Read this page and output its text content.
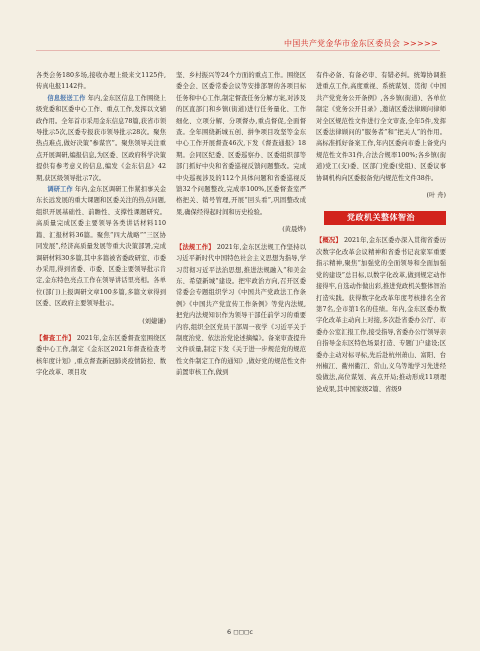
中国共产党金华市金东区委员会 >>>>>

各类会务180多场,接收办理上级来文1125件,传真电报1142件。

信息报送工作 年内,金东区信息工作围绕上级党委和区委中心工作、重点工作,发挥以文辅政作用。全年首市采用金东信息78篇,获省市领导批示5次,区委专报获市领导批示28次。聚焦热点难点,做好决策“参谋官”。聚焦领导关注重点开展调研,编报信息,为区委、区政府科学决策提供有参考意义的信息,编发《金东信息》42期,获区级领导批示7次。

调研工作 年内,金东区调研工作紧扣事关金东长远发展的重大课题和区委关注的热点问题,组织开展基础性、前瞻性、支撑性课题研究。高质量完成区委主要领导各类讲话材料110篇、汇报材料36篇。聚焦“四大战略”“三区协同发展”,经济高质量发展等重大决策部署,完成调研材料30多篇,其中多篇被省委政研室、市委办采用,得到省委、市委、区委主要领导批示肯定,金东特色亮点工作在领导讲话里亮相。各单位(部门)上报调研文章100多篇,多篇文章得到区委、区政府主要领导批示。

(刘婕谦)

【督查工作】 2021年,金东区委督查室围绕区委中心工作,制定《金东区2021年督查检查考核年度计划》,重点督查新冠肺炎疫情防控、数字化改革、项目攻

坚、乡村振兴等24个方面的重点工作。围绕区委全会、区委常委会议等安排部署的各项目标任务和中心工作,制定督查任务分解方案,对涉及的区直部门和乡镇(街道)进行任务量化、工作细化、立项分解、分项督办,重点督促,全面督查。全年围绕新城五创、拼争项目攻坚等金东中心工作开展督查46次,下发《督查通报》18期。会同区纪委、区委巡察办、区委组织部等部门抓好中央和省委巡视反馈问题整改。完成中央巡视涉及的112个具体问题和省委巡视反馈32个问题整改,完成率100%,区委督查室严格把关、销号管理,开展“回头看”,巩固整改成果,确保经得起时间和历史检验。

(黄晨烨)

【法规工作】 2021年,金东区法规工作坚持以习近平新时代中国特色社会主义思想为指导,学习贯彻习近平法治思想,推进法规融入“和美金东、希望新城”建设。把牢政治方向,召开区委常委会专题组织学习《中国共产党政法工作条例》《中国共产党宣传工作条例》等党内法规,把党内法规知识作为领导干部任前学习的重要内容,组织全区党员干部周一夜学《习近平关于制度治党、依法治党论述摘编》。备案审查提升文件质量,制定下发《关于进一步规范党的规范性文件制定工作的通知》,做好党的规范性文件前置审核工作,做到

有件必备、有备必审、有错必纠。统筹协调推进重点工作,高度重视、系统谋划、贯彻《中国共产党党务公开条例》,各乡镇(街道)、各单位制定《党务公开目录》,邀请区委法律顾问律师对全区规范性文件进行全文审查,全年5件,发挥区委法律顾问的“服务者”和“把关人”的作用。高标准抓好备案工作,年内区委向市委上备党内规范性文件31件,合法合规率100%;各乡镇(街道)党工(支)委、区部门党委(党组)、区委议事协调机构向区委报备党内规范性文件38件。

(叶 舟)

党政机关整体智治

【概况】 2021年,金东区委办深入贯彻省委历次数字化改革会议精神和省委书记袁家军重要指示精神,聚焦“加强党的全面领导和全面加强党的建设”总目标,以数字化改革,做到规定动作接得牢,自选动作做出彩,推进党政机关整体智治打造实践。获得数字化改革年度考核排名全省第7名,全市第1名的佳绩。年内,金东区委办数字化改革主动向上对接,多次赴省委办公厅、市委办公室汇报工作,接受指导,省委办公厅领导亲自指导金东区特色场景打造、专题门户建设;区委办主动对标寻标,先后赴杭州萧山、富阳、台州椒江、衢州衢江、常山,义乌等地学习先进经验做法,高位谋划、高点开局;推动形成11项理论成果,其中国家级2篇、省级9

6 ◻◻◻c
